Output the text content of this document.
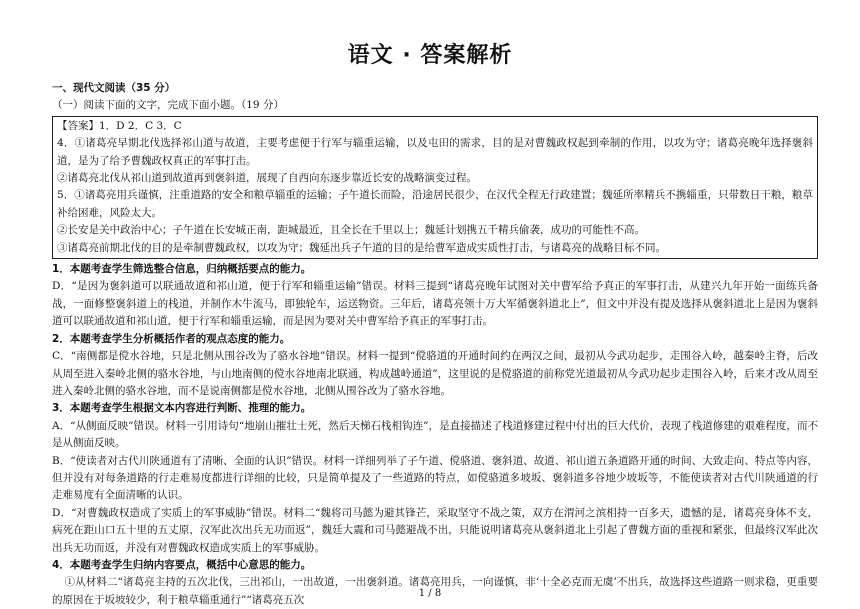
语文 · 答案解析

一、现代文阅读（35 分）

（一）阅读下面的文字，完成下面小题。（19 分）

【答案】1．D 2．C 3．C

4．①诸葛亮早期北伐选择祁山道与故道，主要考虑便于行军与辎重运输，以及屯田的需求，目的是对曹魏政权起到牵制的作用，以攻为守；诸葛亮晚年选择褒斜道，是为了给予曹魏政权真正的军事打击。

②诸葛亮北伐从祁山道到故道再到褒斜道，展现了自西向东逐步靠近长安的战略演变过程。

5．①诸葛亮用兵谨慎，注重道路的安全和粮草辎重的运输；子午道长而险，沿途居民很少，在汉代全程无行政建置；魏延所率精兵不携辎重，只带数日干粮，粮草补给困难，风险太大。

②长安是关中政治中心；子午道在长安城正南，距城最近，且全长在千里以上；魏延计划携五千精兵偷袭，成功的可能性不高。

③诸葛亮前期北伐的目的是牵制曹魏政权，以攻为守；魏延出兵子午道的目的是给曹军造成实质性打击，与诸葛亮的战略目标不同。

1．本题考查学生筛选整合信息，归纳概括要点的能力。

D．“是因为褒斜道可以联通故道和祁山道，便于行军和辎重运输”错误。材料三提到“诸葛亮晚年试图对关中曹军给予真正的军事打击，从建兴九年开始一面练兵备战，一面修整褒斜道上的栈道，并制作木牛流马，即独轮车，运送物资。三年后，诸葛亮领十万大军循褒斜道北上”，但文中并没有提及选择从褒斜道北上是因为褒斜道可以联通故道和祁山道，便于行军和辎重运输，而是因为要对关中曹军给予真正的军事打击。

2．本题考查学生分析概括作者的观点态度的能力。

C．“南侧都是傥水谷地，只是北侧从围谷改为了骆水谷地”错误。材料一提到“傥骆道的开通时间约在两汉之间，最初从今武功起步，走围谷入岭，越秦岭主脊，后改从周至进入秦岭北侧的骆水谷地，与山地南侧的傥水谷地南北联通，构成越岭通道”，这里说的是傥骆道的前称党光道最初从今武功起步走围谷入岭，后来才改从周至进入秦岭北侧的骆水谷地，而不是说南侧都是傥水谷地，北侧从围谷改为了骆水谷地。

3．本题考查学生根据文本内容进行判断、推理的能力。

A．“从侧面反映”错误。材料一引用诗句“地崩山摧壮士死，然后天梯石栈相钩连”，是直接描述了栈道修建过程中付出的巨大代价，表现了栈道修建的艰难程度，而不是从侧面反映。

B．“使读者对古代川陕通道有了清晰、全面的认识”错误。材料一详细列举了子午道、傥骆道、褒斜道、故道、祁山道五条道路开通的时间、大致走向、特点等内容，但并没有对每条道路的行走难易度都进行详细的比较，只是简单提及了一些道路的特点，如傥骆道多坡坂、褒斜道多谷地少坡坂等，不能使读者对古代川陕通道的行走难易度有全面清晰的认识。

D．“对曹魏政权造成了实质上的军事威胁”错误。材料二“魏将司马懿为避其锋芒，采取坚守不战之策，双方在渭河之滨相持一百多天，遗憾的是，诸葛亮身体不支，病死在距山口五十里的五丈原，汉军此次出兵无功而返”，魏廷大震和司马懿避战不出，只能说明诸葛亮从褒斜道北上引起了曹魏方面的重视和紧张，但最终汉军此次出兵无功而返，并没有对曹魏政权造成实质上的军事威胁。

4．本题考查学生归纳内容要点，概括中心意思的能力。

①从材料二“诸葛亮主持的五次北伐，三出祁山，一出故道，一出褒斜道。诸葛亮用兵，一向谨慎，非‘十全必克而无虞’不出兵，故选择这些道路一则求稳，更重要的原因在于坂坡较少，利于粮草辎重通行”“诸葛亮五次

1 / 8
